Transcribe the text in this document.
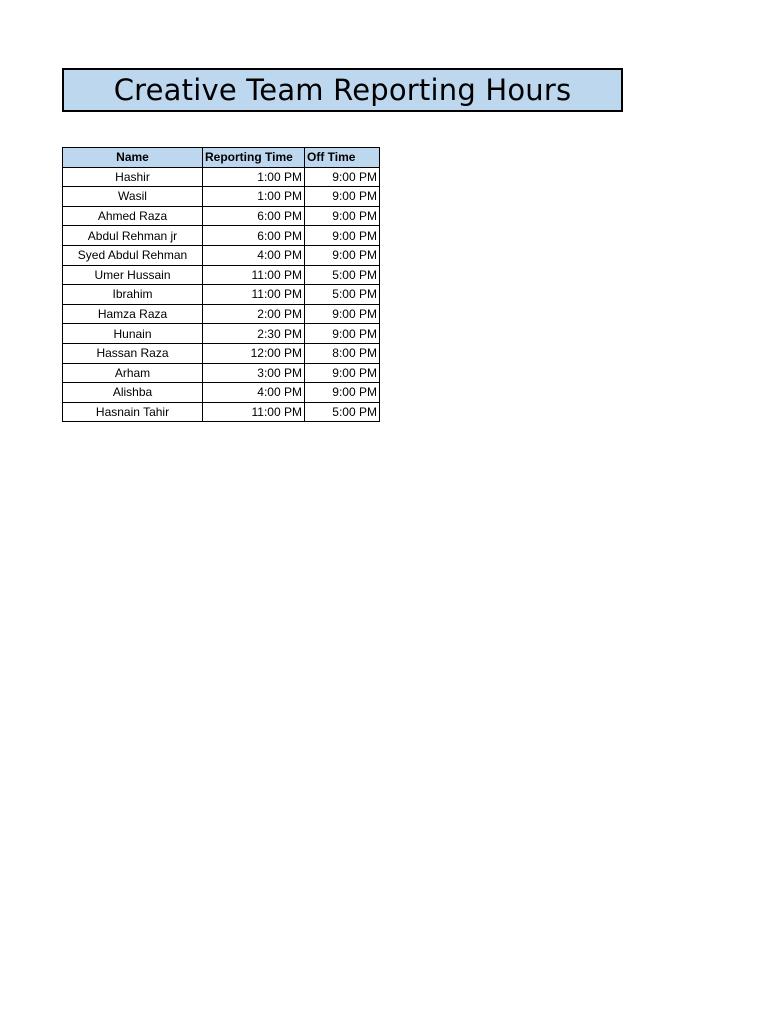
Creative Team Reporting Hours
Name	Reporting Time	Off Time
Hashir	1:00 PM	9:00 PM
Wasil	1:00 PM	9:00 PM
Ahmed Raza	6:00 PM	9:00 PM
Abdul Rehman jr	6:00 PM	9:00 PM
Syed Abdul Rehman	4:00 PM	9:00 PM
Umer Hussain	11:00 PM	5:00 PM
Ibrahim	11:00 PM	5:00 PM
Hamza Raza	2:00 PM	9:00 PM
Hunain	2:30 PM	9:00 PM
Hassan Raza	12:00 PM	8:00 PM
Arham	3:00 PM	9:00 PM
Alishba	4:00 PM	9:00 PM
Hasnain Tahir	11:00 PM	5:00 PM
